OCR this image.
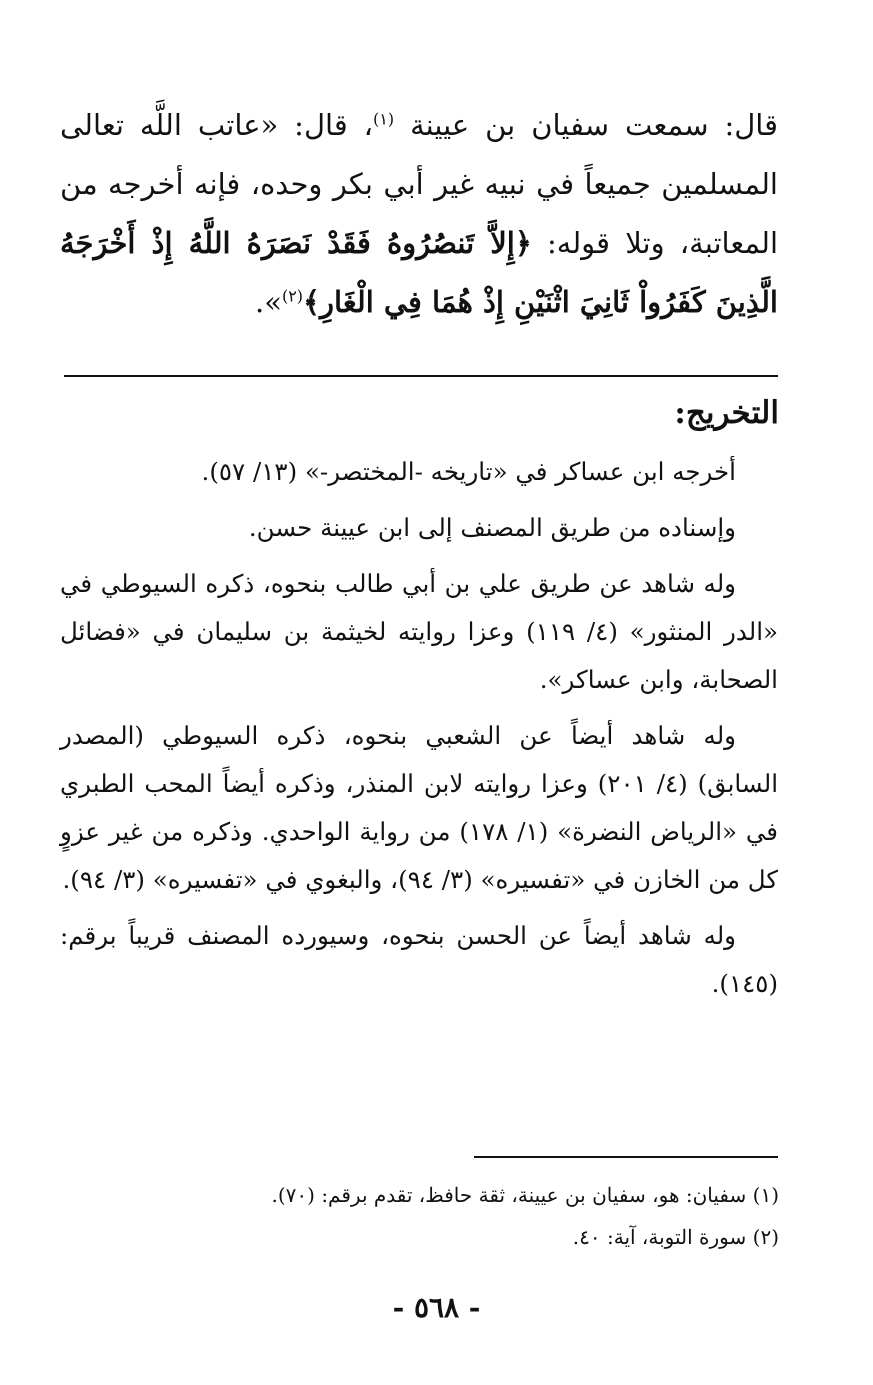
قال: سمعت سفيان بن عيينة $^{(١)}$، قال: «عاتب اللَّه تعالى المسلمين جميعاً في نبيه غير أبي بكر وحده، فإنه أخرجه من المعاتبة، وتلا قوله: ﴿إِلاَّ تَنصُرُوهُ فَقَدْ نَصَرَهُ اللَّهُ إِذْ أَخْرَجَهُ الَّذِينَ كَفَرُواْ ثَانِيَ اثْنَيْنِ إِذْ هُمَا فِي الْغَارِ﴾$^{(٢)}$».

التخريج:

أخرجه ابن عساكر في «تاريخه -المختصر-» (١٣/ ٥٧).

وإسناده من طريق المصنف إلى ابن عيينة حسن.

وله شاهد عن طريق علي بن أبي طالب بنحوه، ذكره السيوطي في «الدر المنثور» (٤/ ١١٩) وعزا روايته لخيثمة بن سليمان في «فضائل الصحابة، وابن عساكر».

وله شاهد أيضاً عن الشعبي بنحوه، ذكره السيوطي (المصدر السابق) (٤/ ٢٠١) وعزا روايته لابن المنذر، وذكره أيضاً المحب الطبري في «الرياض النضرة» (١/ ١٧٨) من رواية الواحدي. وذكره من غير عزوٍ كل من الخازن في «تفسيره» (٣/ ٩٤)، والبغوي في «تفسيره» (٣/ ٩٤).

وله شاهد أيضاً عن الحسن بنحوه، وسيورده المصنف قريباً برقم: (١٤٥).

(١) سفيان: هو، سفيان بن عيينة، ثقة حافظ، تقدم برقم: (٧٠).
(٢) سورة التوبة، آية: ٤٠.

- ٥٦٨ -
